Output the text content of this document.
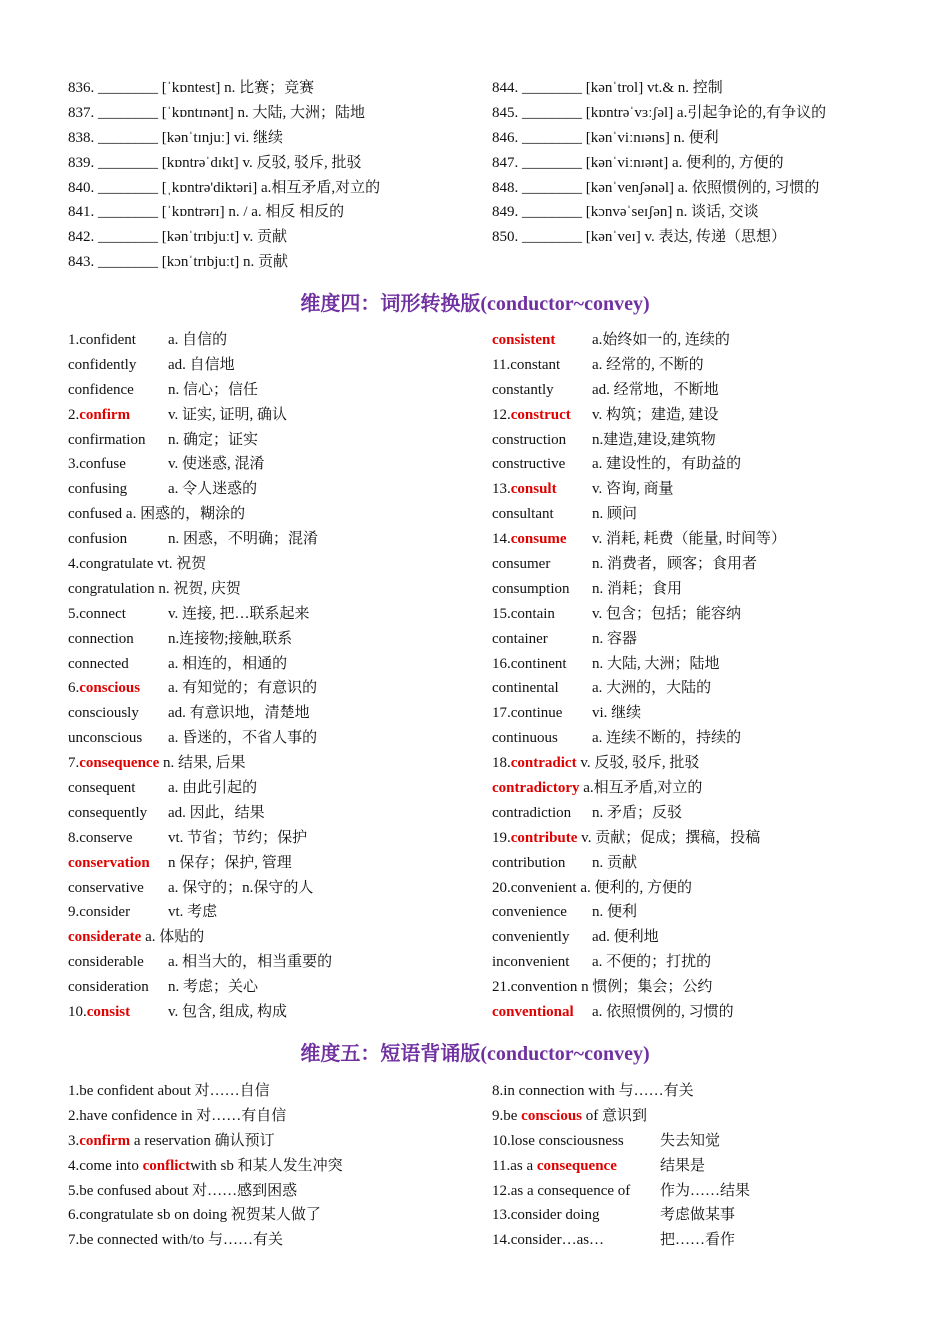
836. ________ [ˈkɒntest] n. 比赛；竞赛
837. ________ [ˈkɒntɪnənt] n. 大陆, 大洲；陆地
838. ________ [kənˈtɪnjuː] vi. 继续
839. ________ [kɒntrəˈdɪkt] v. 反驳, 驳斥, 批驳
840. ________ [ˌkɒntrə'diktəri] a.相互矛盾,对立的
841. ________ [ˈkɒntrərɪ] n. / a. 相反 相反的
842. ________ [kənˈtrɪbjuːt] v. 贡献
843. ________ [kɔnˈtrɪbjuːt] n. 贡献
844. ________ [kənˈtrol] vt.& n. 控制
845. ________ [kɒntrəˈvɜːʃəl] a.引起争论的,有争议的
846. ________ [kənˈviːnɪəns] n. 便利
847. ________ [kənˈviːnɪənt] a. 便利的, 方便的
848. ________ [kənˈvenʃənəl] a. 依照惯例的, 习惯的
849. ________ [kɔnvəˈseɪʃən] n. 谈话, 交谈
850. ________ [kənˈveɪ] v. 表达, 传递（思想）
维度四：词形转换版(conductor~convey)
1.confident a. 自信的
confidently ad. 自信地
confidence n. 信心；信任
2.confirm	v. 证实, 证明, 确认
confirmation n. 确定；证实
3.confuse	v. 使迷惑, 混淆
confusing	a. 令人迷惑的
confused a. 困惑的，糊涂的
confusion	n. 困惑，不明确；混淆
4.congratulate vt. 祝贺
congratulation n. 祝贺, 庆贺
5.connect	v. 连接, 把…联系起来
connection n.连接物;接触,联系
connected	a. 相连的，相通的
6.conscious a. 有知觉的；有意识的
consciously ad. 有意识地，清楚地
unconscious a. 昏迷的，不省人事的
7.consequence n. 结果, 后果
consequent a. 由此引起的
consequently ad. 因此，结果
8.conserve vt. 节省；节约；保护
conservation n 保存；保护, 管理
conservative a. 保守的；n.保守的人
9.consider	vt. 考虑
considerate a. 体贴的
considerable a. 相当大的，相当重要的
consideration n. 考虑；关心
10.consist	v. 包含, 组成, 构成
consistent a.始终如一的, 连续的
11.constant a. 经常的, 不断的
constantly	ad. 经常地，不断地
12.construct v. 构筑；建造, 建设
construction n.建造,建设,建筑物
constructive a. 建设性的，有助益的
13.consult v. 咨询, 商量
consultant	n. 顾问
14.consume v. 消耗, 耗费（能量, 时间等）
consumer	n. 消费者，顾客；食用者
consumption n. 消耗；食用
15.contain v. 包含；包括；能容纳
container	n. 容器
16.continent n. 大陆, 大洲；陆地
continental a. 大洲的，大陆的
17.continue vi. 继续
continuous a. 连续不断的，持续的
18.contradict v. 反驳, 驳斥, 批驳
contradictory a.相互矛盾,对立的
contradiction n. 矛盾；反驳
19.contribute v. 贡献；促成；撰稿，投稿
contribution n. 贡献
20.convenient a. 便利的, 方便的
convenience n. 便利
conveniently ad. 便利地
inconvenient a. 不便的；打扰的
21.convention n 惯例；集会；公约
conventional a. 依照惯例的, 习惯的
维度五：短语背诵版(conductor~convey)
1.be confident about 对……自信
2.have confidence in 对……有自信
3.confirm a reservation 确认预订
4.come into conflictwith sb 和某人发生冲突
5.be confused about 对……感到困惑
6.congratulate sb on doing 祝贺某人做了
7.be connected with/to 与……有关
8.in connection with 与……有关
9.be conscious of 意识到
10.lose consciousness 失去知觉
11.as a consequence	结果是
12.as a consequence of 作为……结果
13.consider doing	考虑做某事
14.consider…as…	把……看作
